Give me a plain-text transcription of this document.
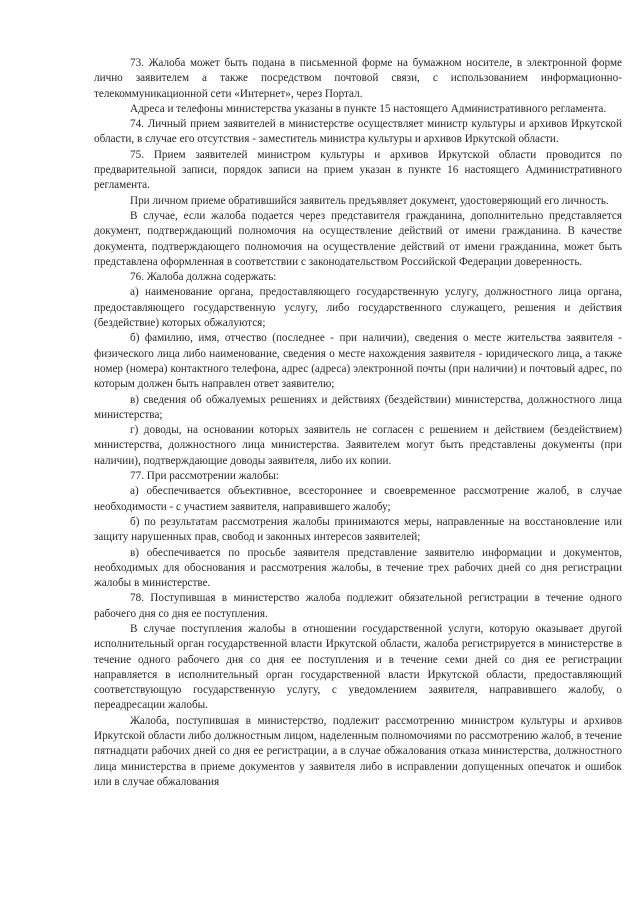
73. Жалоба может быть подана в письменной форме на бумажном носителе, в электронной форме лично заявителем а также посредством почтовой связи, с использованием информационно-телекоммуникационной сети «Интернет», через Портал.

Адреса и телефоны министерства указаны в пункте 15 настоящего Административного регламента.

74. Личный прием заявителей в министерстве осуществляет министр культуры и архивов Иркутской области, в случае его отсутствия - заместитель министра культуры и архивов Иркутской области.

75. Прием заявителей министром культуры и архивов Иркутской области проводится по предварительной записи, порядок записи на прием указан в пункте 16 настоящего Административного регламента.

При личном приеме обратившийся заявитель предъявляет документ, удостоверяющий его личность.

В случае, если жалоба подается через представителя гражданина, дополнительно представляется документ, подтверждающий полномочия на осуществление действий от имени гражданина. В качестве документа, подтверждающего полномочия на осуществление действий от имени гражданина, может быть представлена оформленная в соответствии с законодательством Российской Федерации доверенность.

76. Жалоба должна содержать:

а) наименование органа, предоставляющего государственную услугу, должностного лица органа, предоставляющего государственную услугу, либо государственного служащего, решения и действия (бездействие) которых обжалуются;

б) фамилию, имя, отчество (последнее - при наличии), сведения о месте жительства заявителя - физического лица либо наименование, сведения о месте нахождения заявителя - юридического лица, а также номер (номера) контактного телефона, адрес (адреса) электронной почты (при наличии) и почтовый адрес, по которым должен быть направлен ответ заявителю;

в) сведения об обжалуемых решениях и действиях (бездействии) министерства, должностного лица министерства;

г) доводы, на основании которых заявитель не согласен с решением и действием (бездействием) министерства, должностного лица министерства. Заявителем могут быть представлены документы (при наличии), подтверждающие доводы заявителя, либо их копии.

77. При рассмотрении жалобы:

а) обеспечивается объективное, всестороннее и своевременное рассмотрение жалоб, в случае необходимости - с участием заявителя, направившего жалобу;

б) по результатам рассмотрения жалобы принимаются меры, направленные на восстановление или защиту нарушенных прав, свобод и законных интересов заявителей;

в) обеспечивается по просьбе заявителя представление заявителю информации и документов, необходимых для обоснования и рассмотрения жалобы, в течение трех рабочих дней со дня регистрации жалобы в министерстве.

78. Поступившая в министерство жалоба подлежит обязательной регистрации в течение одного рабочего дня со дня ее поступления.

В случае поступления жалобы в отношении государственной услуги, которую оказывает другой исполнительный орган государственной власти Иркутской области, жалоба регистрируется в министерстве в течение одного рабочего дня со дня ее поступления и в течение семи дней со дня ее регистрации направляется в исполнительный орган государственной власти Иркутской области, предоставляющий соответствующую государственную услугу, с уведомлением заявителя, направившего жалобу, о переадресации жалобы.

Жалоба, поступившая в министерство, подлежит рассмотрению министром культуры и архивов Иркутской области либо должностным лицом, наделенным полномочиями по рассмотрению жалоб, в течение пятнадцати рабочих дней со дня ее регистрации, а в случае обжалования отказа министерства, должностного лица министерства в приеме документов у заявителя либо в исправлении допущенных опечаток и ошибок или в случае обжалования
